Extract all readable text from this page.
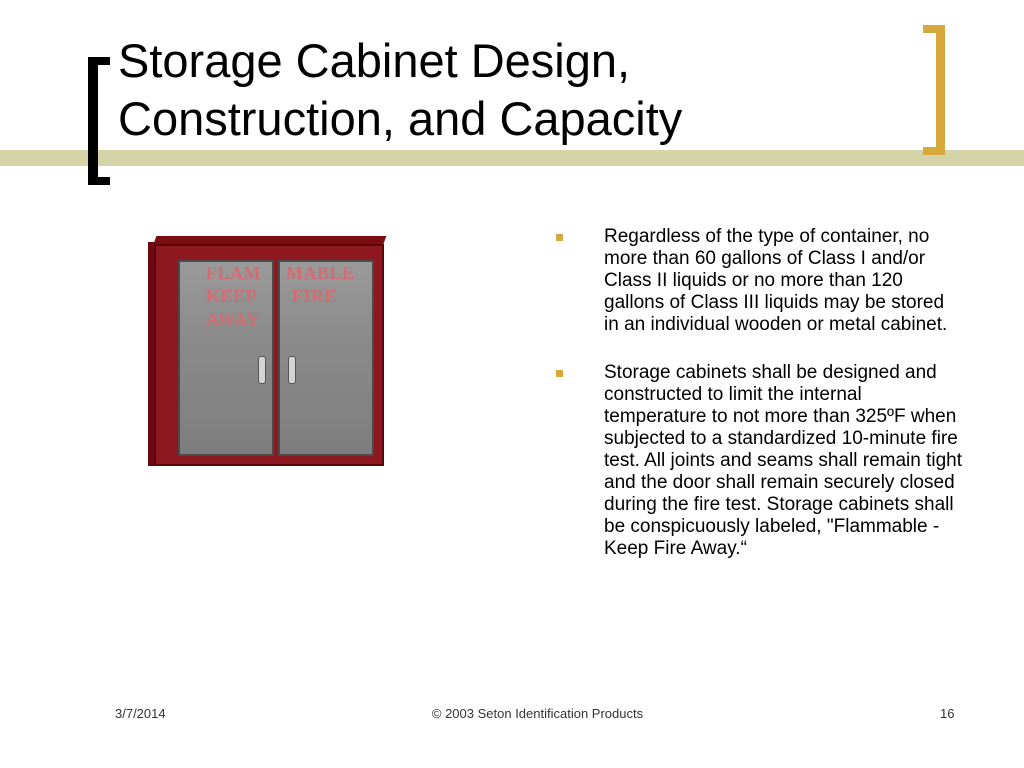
Storage Cabinet Design,
Construction, and Capacity
FLAM
KEEP
AWAY
MABLE
FIRE
Regardless of the type of container, no more than 60 gallons of Class I and/or Class II liquids or no more than 120 gallons of Class III liquids may be stored in an individual wooden or metal cabinet.
Storage cabinets shall be designed and constructed to limit the internal temperature to not more than 325ºF when subjected to a standardized 10-minute fire test. All joints and seams shall remain tight and the door shall remain securely closed during the fire test. Storage cabinets shall be conspicuously labeled, "Flammable - Keep Fire Away.“
3/7/2014	© 2003 Seton Identification Products	16
